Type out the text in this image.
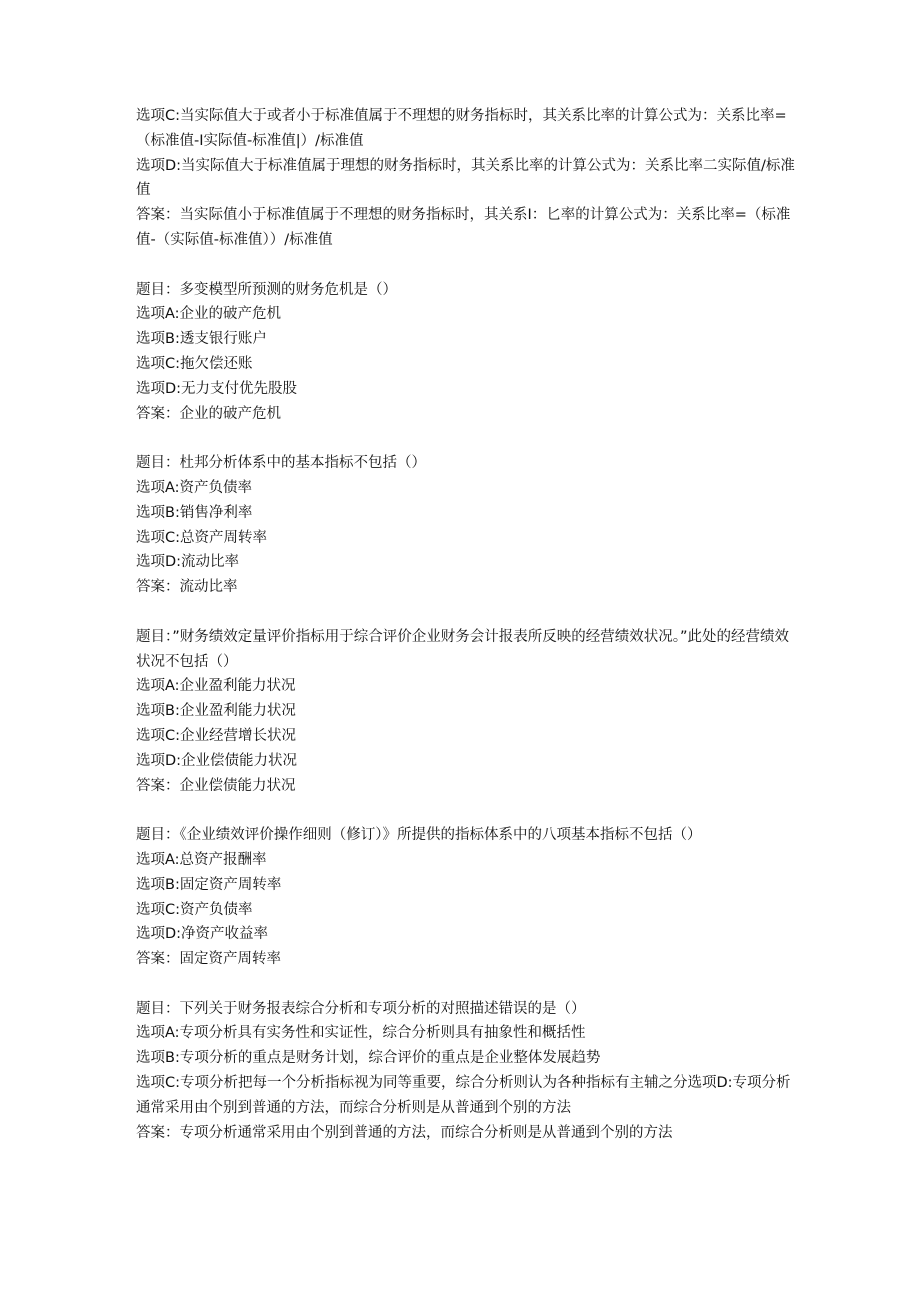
选项C:当实际值大于或者小于标准值属于不理想的财务指标时，其关系比率的计算公式为：关系比率=（标准值-I实际值-标准值|）/标准值

选项D:当实际值大于标准值属于理想的财务指标时，其关系比率的计算公式为：关系比率二实际值/标准值

答案：当实际值小于标准值属于不理想的财务指标时，其关系I：匕率的计算公式为：关系比率=（标准值-（实际值-标准值））/标准值

题目：多变模型所预测的财务危机是（）

选项A:企业的破产危机

选项B:透支银行账户

选项C:拖欠偿还账

选项D:无力支付优先股股

答案：企业的破产危机

题目：杜邦分析体系中的基本指标不包括（）

选项A:资产负债率

选项B:销售净利率

选项C:总资产周转率

选项D:流动比率

答案：流动比率

题目：”财务绩效定量评价指标用于综合评价企业财务会计报表所反映的经营绩效状况。”此处的经营绩效状况不包括（）

选项A:企业盈利能力状况

选项B:企业盈利能力状况

选项C:企业经营增长状况

选项D:企业偿债能力状况

答案：企业偿债能力状况

题目：《企业绩效评价操作细则（修订）》所提供的指标体系中的八项基本指标不包括（）

选项A:总资产报酬率

选项B:固定资产周转率

选项C:资产负债率

选项D:净资产收益率

答案：固定资产周转率

题目：下列关于财务报表综合分析和专项分析的对照描述错误的是（）

选项A:专项分析具有实务性和实证性，综合分析则具有抽象性和概括性

选项B:专项分析的重点是财务计划，综合评价的重点是企业整体发展趋势

选项C:专项分析把每一个分析指标视为同等重要，综合分析则认为各种指标有主辅之分选项D:专项分析通常采用由个别到普通的方法，而综合分析则是从普通到个别的方法

答案：专项分析通常采用由个别到普通的方法，而综合分析则是从普通到个别的方法
